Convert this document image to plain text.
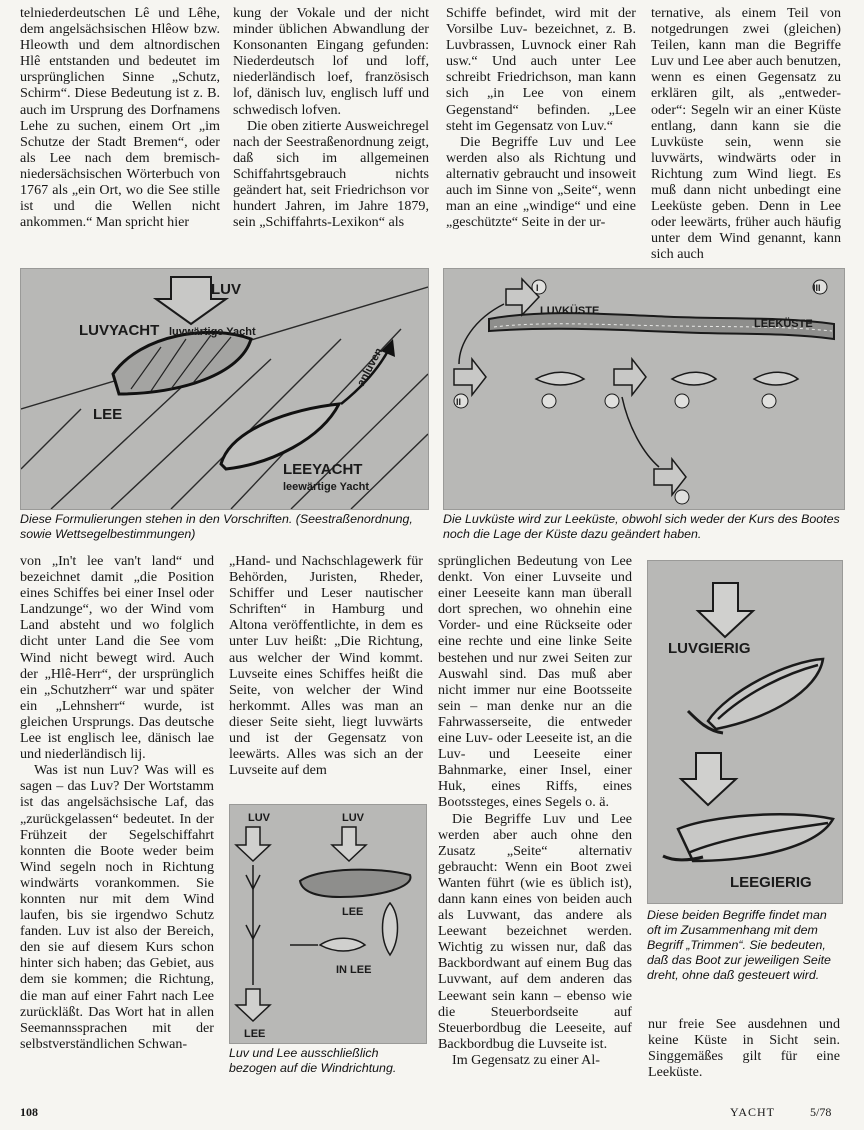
telniederdeutschen Lê und Lêhe, dem angelsächsischen Hlêow bzw. Hleowth und dem altnordischen Hlê entstanden und bedeutet im ursprünglichen Sinne „Schutz, Schirm“. Diese Bedeutung ist z. B. auch im Ursprung des Dorfnamens Lehe zu suchen, einem Ort „im Schutze der Stadt Bremen“, oder als Lee nach dem bremisch-niedersächsischen Wörterbuch von 1767 als „ein Ort, wo die See stille ist und die Wellen nicht ankommen.“ Man spricht hier

kung der Vokale und der nicht minder üblichen Abwandlung der Konsonanten Eingang gefunden: Niederdeutsch lof und loff, niederländisch loef, französisch lof, dänisch luv, englisch luff und schwedisch lofven.

Die oben zitierte Ausweichregel nach der Seestraßenordnung zeigt, daß sich im allgemeinen Schiffahrtsgebrauch nichts geändert hat, seit Friedrichson vor hundert Jahren, im Jahre 1879, sein „Schiffahrts-Lexikon“ als

Schiffe befindet, wird mit der Vorsilbe Luv- bezeichnet, z. B. Luvbrassen, Luvnock einer Rah usw.“ Und auch unter Lee schreibt Friedrichson, man kann sich „in Lee von einem Gegenstand“ befinden. „Lee steht im Gegensatz von Luv.“

Die Begriffe Luv und Lee werden also als Richtung und alternativ gebraucht und insoweit auch im Sinne von „Seite“, wenn man an eine „windige“ und eine „geschützte“ Seite in der ur-

ternative, als einem Teil von notgedrungen zwei (gleichen) Teilen, kann man die Begriffe Luv und Lee aber auch benutzen, wenn es einen Gegensatz zu erklären gilt, als „entweder-oder“: Segeln wir an einer Küste entlang, dann kann sie die Luvküste sein, wenn sie luvwärts, windwärts oder in Richtung zum Wind liegt. Es muß dann nicht unbedingt eine Leeküste geben. Denn in Lee oder leewärts, früher auch häufig unter dem Wind genannt, kann sich auch

LUV
LUVYACHT luvwärtige Yacht
anluven
LEE
LEEYACHT
leewärtige Yacht
Diese Formulierungen stehen in den Vorschriften. (Seestraßenordnung, sowie Wettsegelbestimmungen)
LUVKÜSTE
LEEKÜSTE
I
II
III
Die Luvküste wird zur Leeküste, obwohl sich weder der Kurs des Bootes noch die Lage der Küste dazu geändert haben.

von „In't lee van't land“ und bezeichnet damit „die Position eines Schiffes bei einer Insel oder Landzunge“, wo der Wind vom Land absteht und wo folglich dicht unter Land die See vom Wind nicht bewegt wird. Auch der „Hlê-Herr“, der ursprünglich ein „Schutzherr“ war und später ein „Lehnsherr“ wurde, ist gleichen Ursprungs. Das deutsche Lee ist englisch lee, dänisch lae und niederländisch lij.

Was ist nun Luv? Was will es sagen – das Luv? Der Wortstamm ist das angelsächsische Laf, das „zurückgelassen“ bedeutet. In der Frühzeit der Segelschiffahrt konnten die Boote weder beim Wind segeln noch in Richtung windwärts vorankommen. Sie konnten nur mit dem Wind laufen, bis sie irgendwo Schutz fanden. Luv ist also der Bereich, den sie auf diesem Kurs schon hinter sich haben; das Gebiet, aus dem sie kommen; die Richtung, die man auf einer Fahrt nach Lee zurückläßt. Das Wort hat in allen Seemannssprachen mit der selbstverständlichen Schwan-

„Hand- und Nachschlagewerk für Behörden, Juristen, Rheder, Schiffer und Leser nautischer Schriften“ in Hamburg und Altona veröffentlichte, in dem es unter Luv heißt: „Die Richtung, aus welcher der Wind kommt. Luvseite eines Schiffes heißt die Seite, von welcher der Wind herkommt. Alles was man an dieser Seite sieht, liegt luvwärts und ist der Gegensatz von leewärts. Alles was sich an der Luvseite auf dem

sprünglichen Bedeutung von Lee denkt. Von einer Luvseite und einer Leeseite kann man überall dort sprechen, wo ohnehin eine Vorder- und eine Rückseite oder eine rechte und eine linke Seite bestehen und nur zwei Seiten zur Auswahl sind. Das muß aber nicht immer nur eine Bootsseite sein – man denke nur an die Fahrwasserseite, die entweder eine Luv- oder Leeseite ist, an die Luv- und Leeseite einer Bahnmarke, einer Insel, einer Huk, eines Riffs, eines Bootssteges, eines Segels o. ä.

Die Begriffe Luv und Lee werden aber auch ohne den Zusatz „Seite“ alternativ gebraucht: Wenn ein Boot zwei Wanten führt (wie es üblich ist), dann kann eines von beiden auch als Luvwant, das andere als Leewant bezeichnet werden. Wichtig zu wissen nur, daß das Backbordwant auf einem Bug das Luvwant, auf dem anderen das Leewant sein kann – ebenso wie die Steuerbordseite auf Steuerbordbug die Leeseite, auf Backbordbug die Luvseite ist.

Im Gegensatz zu einer Al-

nur freie See ausdehnen und keine Küste in Sicht sein. Singgemäßes gilt für eine Leeküste.

LUV	LUV
LEE
LEE
IN LEE
Luv und Lee ausschließlich bezogen auf die Windrichtung.
LUVGIERIG
LEEGIERIG
Diese beiden Begriffe findet man oft im Zusammenhang mit dem Begriff „Trimmen“. Sie bedeuten, daß das Boot zur jeweiligen Seite dreht, ohne daß gesteuert wird.
108	YACHT	5/78
